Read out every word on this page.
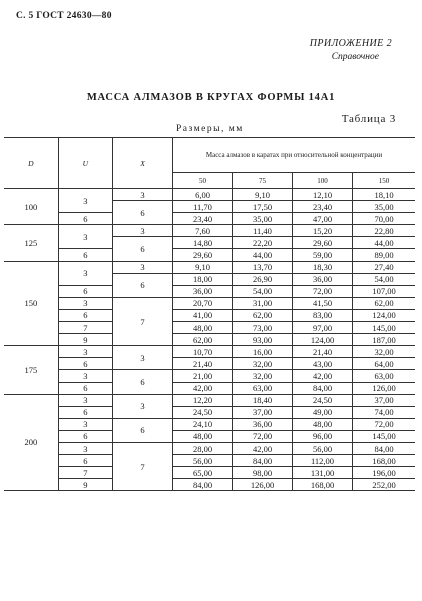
С. 5 ГОСТ 24630—80
ПРИЛОЖЕНИЕ 2
Справочное
МАССА АЛМАЗОВ В КРУГАХ ФОРМЫ 14А1
Таблица 3
Размеры, мм
D	U	X	Масса алмазов в каратах при относительной концентрации			
			50	75	100	150
100	3	3	6,00	9,10	12,10	18,10
		6	11,70	17,50	23,40	35,00
	6		23,40	35,00	47,00	70,00
125	3	3	7,60	11,40	15,20	22,80
		6	14,80	22,20	29,60	44,00
	6		29,60	44,00	59,00	89,00
150	3	3	9,10	13,70	18,30	27,40
		6	18,00	26,90	36,00	54,00
	6		36,00	54,00	72,00	107,00
	3	7	20,70	31,00	41,50	62,00
	6		41,00	62,00	83,00	124,00
	7		48,00	73,00	97,00	145,00
	9		62,00	93,00	124,00	187,00
175	3	3	10,70	16,00	21,40	32,00
	6		21,40	32,00	43,00	64,00
	3	6	21,00	32,00	42,00	63,00
	6		42,00	63,00	84,00	126,00
200	3	3	12,20	18,40	24,50	37,00
	6		24,50	37,00	49,00	74,00
	3	6	24,10	36,00	48,00	72,00
	6		48,00	72,00	96,00	145,00
	3	7	28,00	42,00	56,00	84,00
	6		56,00	84,00	112,00	168,00
	7		65,00	98,00	131,00	196,00
	9		84,00	126,00	168,00	252,00
